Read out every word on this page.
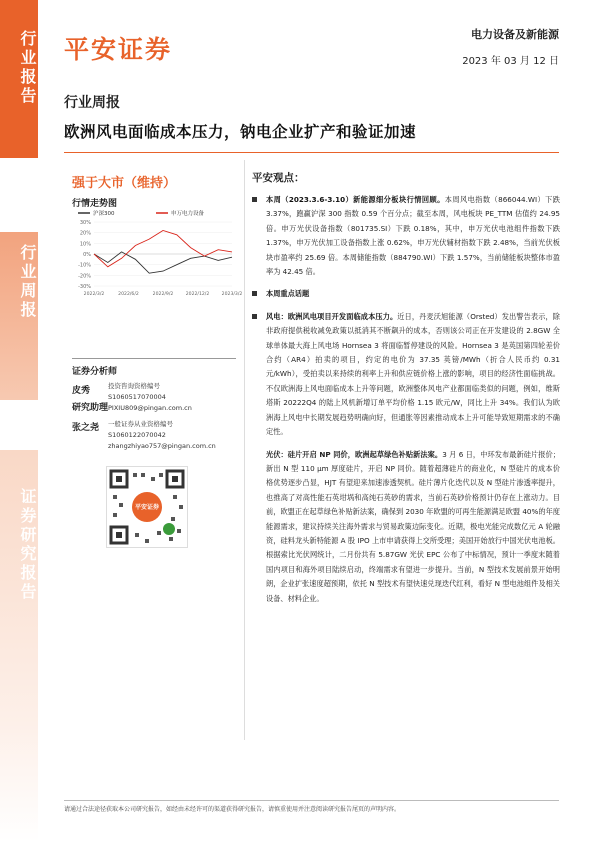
行业报告
行业周报
证券研究报告
平安证券
电力设备及新能源
2023 年 03 月 12 日
行业周报
欧洲风电面临成本压力，钠电企业扩产和验证加速
强于大市（维持）
行情走势图
沪深300	申万电力设备
30%
20%
10%
0%
-10%
-20%
-30%
2022/3/2	2022/6/2	2022/9/2	2022/12/2	2023/3/2
证券分析师
皮秀	投资咨询资格编号
S1060517070004
PIXIU809@pingan.com.cn
研究助理
张之尧 一般证券从业资格编号
S1060122070042
zhangzhiyao757@pingan.com.cn
平安证券
平安观点：
本周（2023.3.6-3.10）新能源细分板块行情回顾。本周风电指数（866044.WI）下跌 3.37%，跑赢沪深 300 指数 0.59 个百分点；截至本周，风电板块 PE_TTM 估值约 24.95 倍。申万光伏设备指数（801735.SI）下跌 0.18%，其中，申万光伏电池组件指数下跌 1.37%，申万光伏加工设备指数上涨 0.62%，申万光伏辅材指数下跌 2.48%，当前光伏板块市盈率约 25.69 倍。本周储能指数（884790.WI）下跌 1.57%，当前储能板块整体市盈率为 42.45 倍。
本周重点话题
风电：欧洲风电项目开发面临成本压力。近日，丹麦沃旭能源（Orsted）发出警告表示，除非政府提供税收减免政策以抵消其不断飙升的成本，否则该公司正在开发建设的 2.8GW 全球单体最大海上风电场 Hornsea 3 将面临暂停建设的风险。Hornsea 3 是英国第四轮差价合约（AR4）拍卖的项目，约定的电价为 37.35 英镑/MWh（折合人民币约 0.31 元/kWh），受拍卖以来持续的利率上升和供应链价格上涨的影响，项目的经济性面临挑战。不仅欧洲海上风电面临成本上升等问题，欧洲整体风电产业都面临类似的问题，例如，维斯塔斯 20222Q4 的陆上风机新增订单平均价格 1.15 欧元/W，同比上升 34%。我们认为欧洲海上风电中长期发展趋势明确向好，但通胀等因素推动成本上升可能导致短期需求的不确定性。
光伏：硅片开启 NP 同价，欧洲起草绿色补贴新法案。3 月 6 日，中环发布最新硅片报价；新出 N 型 110 μm 厚度硅片，开启 NP 同价。随着超薄硅片的商业化，N 型硅片的成本价格优势逐步凸显，HJT 有望迎来加速渗透契机。硅片薄片化迭代以及 N 型硅片渗透率提升，也推高了对高性能石英坩埚和高纯石英砂的需求，当前石英砂价格预计仍存在上涨动力。目前，欧盟正在起草绿色补贴新法案，确保到 2030 年欧盟的可再生能源满足欧盟 40%的年度能源需求，建议持续关注海外需求与贸易政策边际变化。近期，极电光能完成数亿元 A 轮融资，硅料龙头新特能源 A 股 IPO 上市申请获得上交所受理；美国开始放行中国光伏电池板。根据索比光伏网统计，二月份共有 5.87GW 光伏 EPC 公布了中标情况，预计一季度末随着国内项目和海外项目陆续启动，终端需求有望进一步提升。当前，N 型技术发展前景开始明朗，企业扩张速度超预期，依托 N 型技术有望快速兑现迭代红利，看好 N 型电池组件及相关设备、材料企业。
请通过合法途径获取本公司研究报告，如经由未经许可的渠道获得研究报告，请慎重使用并注意阅读研究报告尾页的声明内容。
